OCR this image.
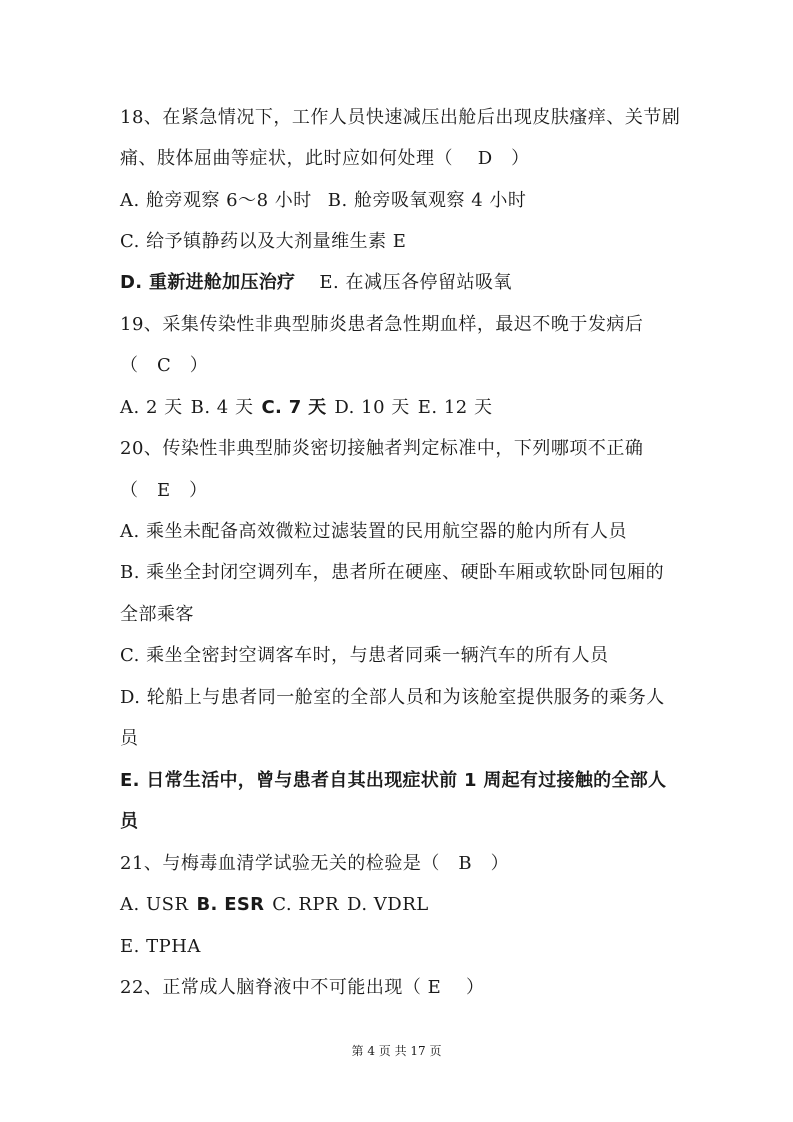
18、在紧急情况下，工作人员快速减压出舱后出现皮肤瘙痒、关节剧
痛、肢体屈曲等症状，此时应如何处理（　 D　）
A. 舱旁观察 6～8 小时 B. 舱旁吸氧观察 4 小时
C. 给予镇静药以及大剂量维生素 E
D. 重新进舱加压治疗 E. 在减压各停留站吸氧
19、采集传染性非典型肺炎患者急性期血样，最迟不晚于发病后
（　C　）
A. 2 天 B. 4 天 C. 7 天 D. 10 天 E. 12 天
20、传染性非典型肺炎密切接触者判定标准中，下列哪项不正确
（　E　）
A. 乘坐未配备高效微粒过滤装置的民用航空器的舱内所有人员
B. 乘坐全封闭空调列车，患者所在硬座、硬卧车厢或软卧同包厢的
全部乘客
C. 乘坐全密封空调客车时，与患者同乘一辆汽车的所有人员
D. 轮船上与患者同一舱室的全部人员和为该舱室提供服务的乘务人
员
E. 日常生活中，曾与患者自其出现症状前 1 周起有过接触的全部人
员
21、与梅毒血清学试验无关的检验是（　B　）
A. USR B. ESR C. RPR D. VDRL
E. TPHA
22、正常成人脑脊液中不可能出现（ E　 ）
第 4 页 共 17 页
